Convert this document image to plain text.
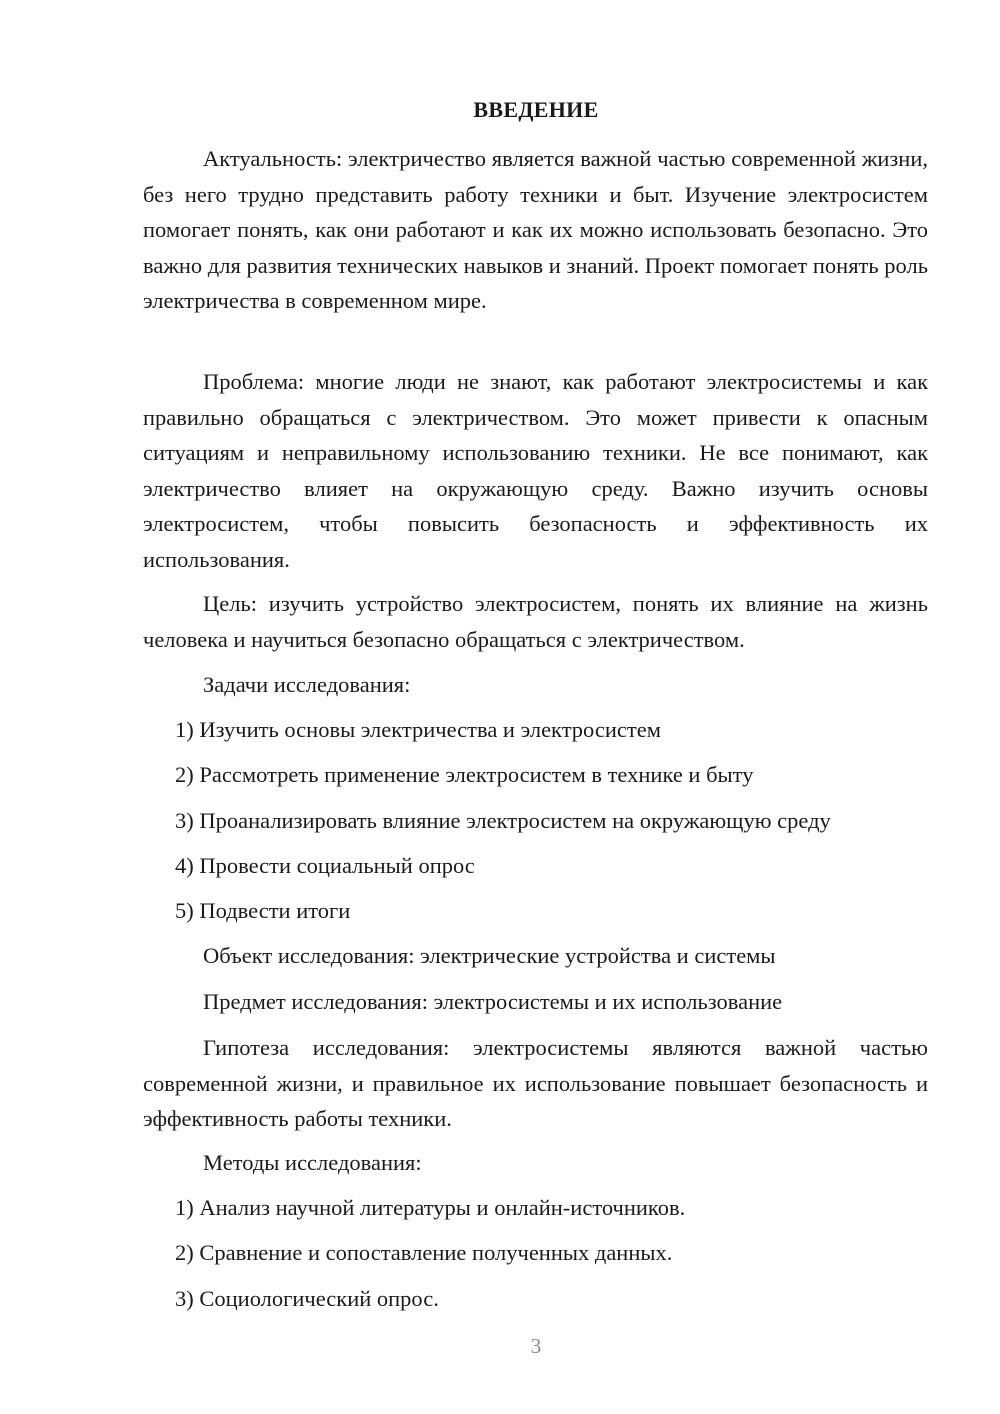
ВВЕДЕНИЕ

Актуальность: электричество является важной частью современной жизни, без него трудно представить работу техники и быт. Изучение электросистем помогает понять, как они работают и как их можно использовать безопасно. Это важно для развития технических навыков и знаний. Проект помогает понять роль электричества в современном мире.

Проблема: многие люди не знают, как работают электросистемы и как правильно обращаться с электричеством. Это может привести к опасным ситуациям и неправильному использованию техники. Не все понимают, как электричество влияет на окружающую среду. Важно изучить основы электросистем, чтобы повысить безопасность и эффективность их использования.

Цель: изучить устройство электросистем, понять их влияние на жизнь человека и научиться безопасно обращаться с электричеством.

Задачи исследования:

1) Изучить основы электричества и электросистем

2) Рассмотреть применение электросистем в технике и быту

3) Проанализировать влияние электросистем на окружающую среду

4) Провести социальный опрос

5) Подвести итоги

Объект исследования: электрические устройства и системы

Предмет исследования: электросистемы и их использование

Гипотеза исследования: электросистемы являются важной частью современной жизни, и правильное их использование повышает безопасность и эффективность работы техники.

Методы исследования:

1) Анализ научной литературы и онлайн-источников.

2) Сравнение и сопоставление полученных данных.

3) Социологический опрос.

3
